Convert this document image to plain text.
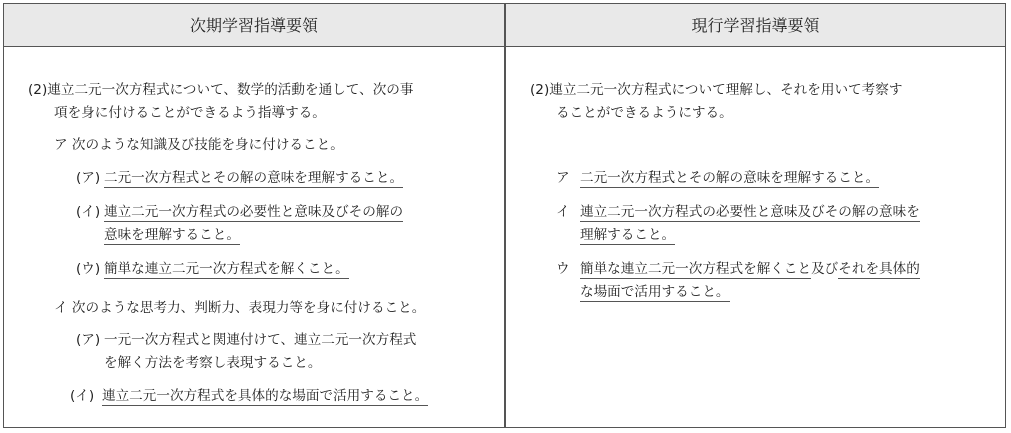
次期学習指導要領	現行学習指導要領
(2)連立二元一次方程式について、数学的活動を通して、次の事
項を身に付けることができるよう指導する。
ア 次のような知識及び技能を身に付けること。
(ア) 二元一次方程式とその解の意味を理解すること。
(イ) 連立二元一次方程式の必要性と意味及びその解の
意味を理解すること。
(ウ) 簡単な連立二元一次方程式を解くこと。
イ 次のような思考力、判断力、表現力等を身に付けること。
(ア) 一元一次方程式と関連付けて、連立二元一次方程式
を解く方法を考察し表現すること。
(イ) 連立二元一次方程式を具体的な場面で活用すること。
(2)連立二元一次方程式について理解し、それを用いて考察す
ることができるようにする。
ア 二元一次方程式とその解の意味を理解すること。
イ 連立二元一次方程式の必要性と意味及びその解の意味を
理解すること。
ウ 簡単な連立二元一次方程式を解くこと及びそれを具体的
な場面で活用すること。
